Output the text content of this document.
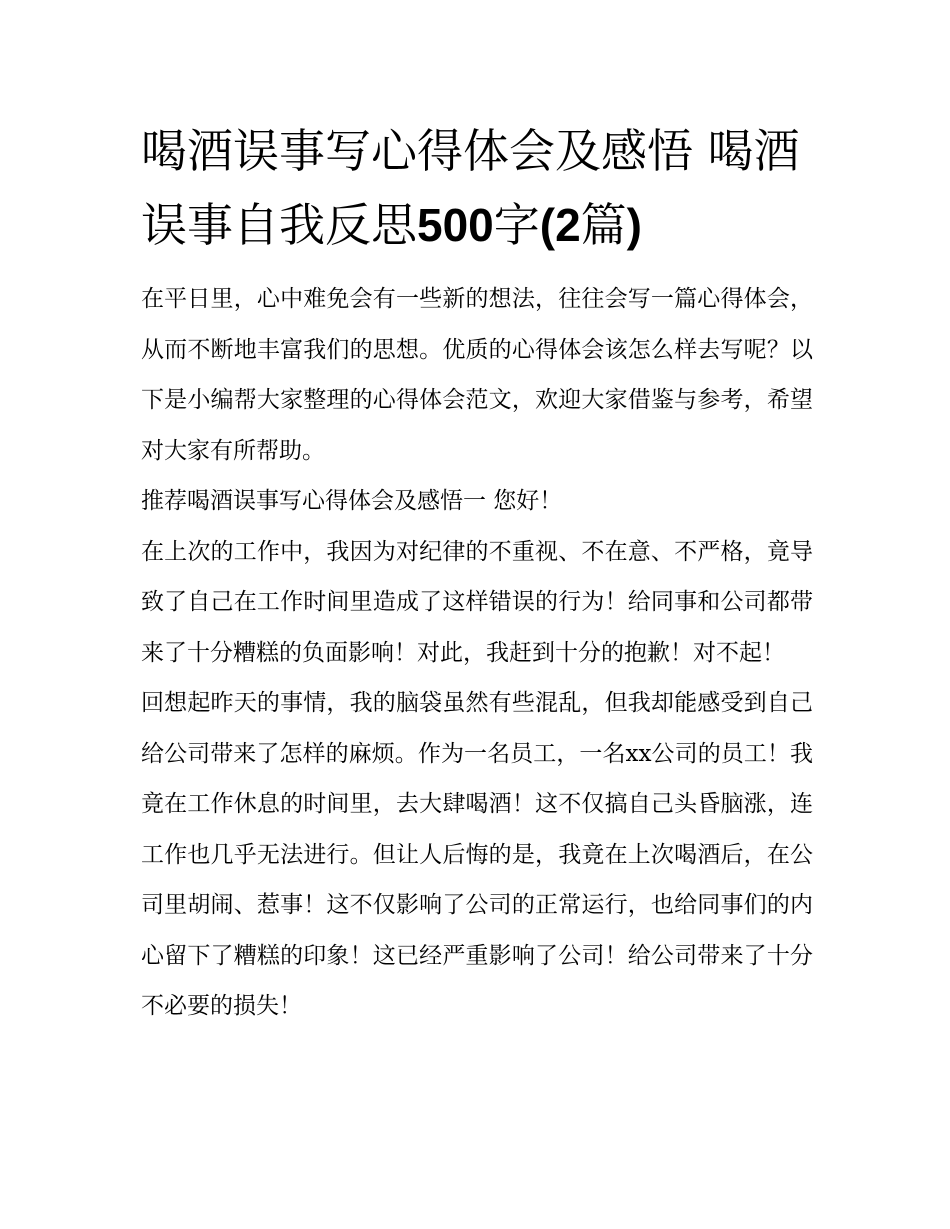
喝酒误事写心得体会及感悟 喝酒误事自我反思500字(2篇)

在平日里，心中难免会有一些新的想法，往往会写一篇心得体会，从而不断地丰富我们的思想。优质的心得体会该怎么样去写呢？以下是小编帮大家整理的心得体会范文，欢迎大家借鉴与参考，希望对大家有所帮助。

推荐喝酒误事写心得体会及感悟一 您好！

在上次的工作中，我因为对纪律的不重视、不在意、不严格，竟导致了自己在工作时间里造成了这样错误的行为！给同事和公司都带来了十分糟糕的负面影响！对此，我赶到十分的抱歉！对不起！

回想起昨天的事情，我的脑袋虽然有些混乱，但我却能感受到自己给公司带来了怎样的麻烦。作为一名员工，一名xx公司的员工！我竟在工作休息的时间里，去大肆喝酒！这不仅搞自己头昏脑涨，连工作也几乎无法进行。但让人后悔的是，我竟在上次喝酒后，在公司里胡闹、惹事！这不仅影响了公司的正常运行，也给同事们的内心留下了糟糕的印象！这已经严重影响了公司！给公司带来了十分不必要的损失！
